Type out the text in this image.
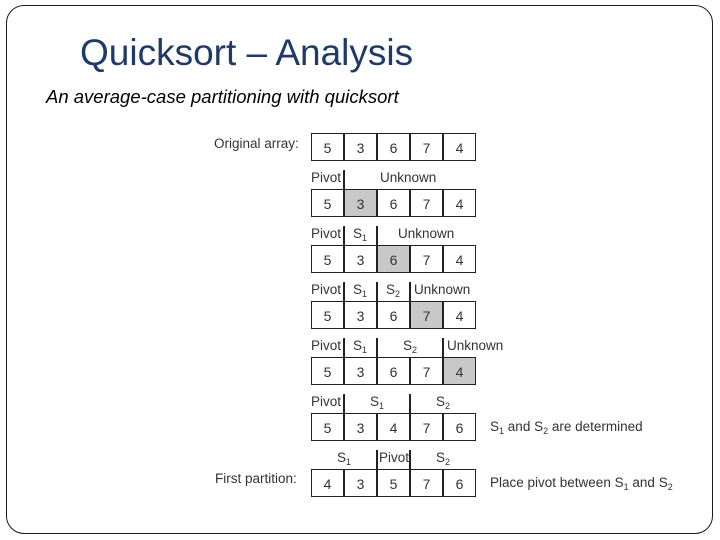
Quicksort – Analysis
An average-case partitioning with quicksort
Original array:
First partition:
Pivot	Unknown
Pivot $S_1$ Unknown
Pivot $S_1$ $S_2$ Unknown
Pivot $S_1$	$S_2$ Unknown
Pivot $S_1$	$S_2$
$S_1$ Pivot $S_2$
$S_1$ and $S_2$ are determined
Place pivot between $S_1$ and $S_2$
5	3	6	7	4
5	3	6	7	4
5	3	6	7	4
5	3	6	7	4
5	3	6	7	4
5	3	4	7	6
4	3	5	7	6
